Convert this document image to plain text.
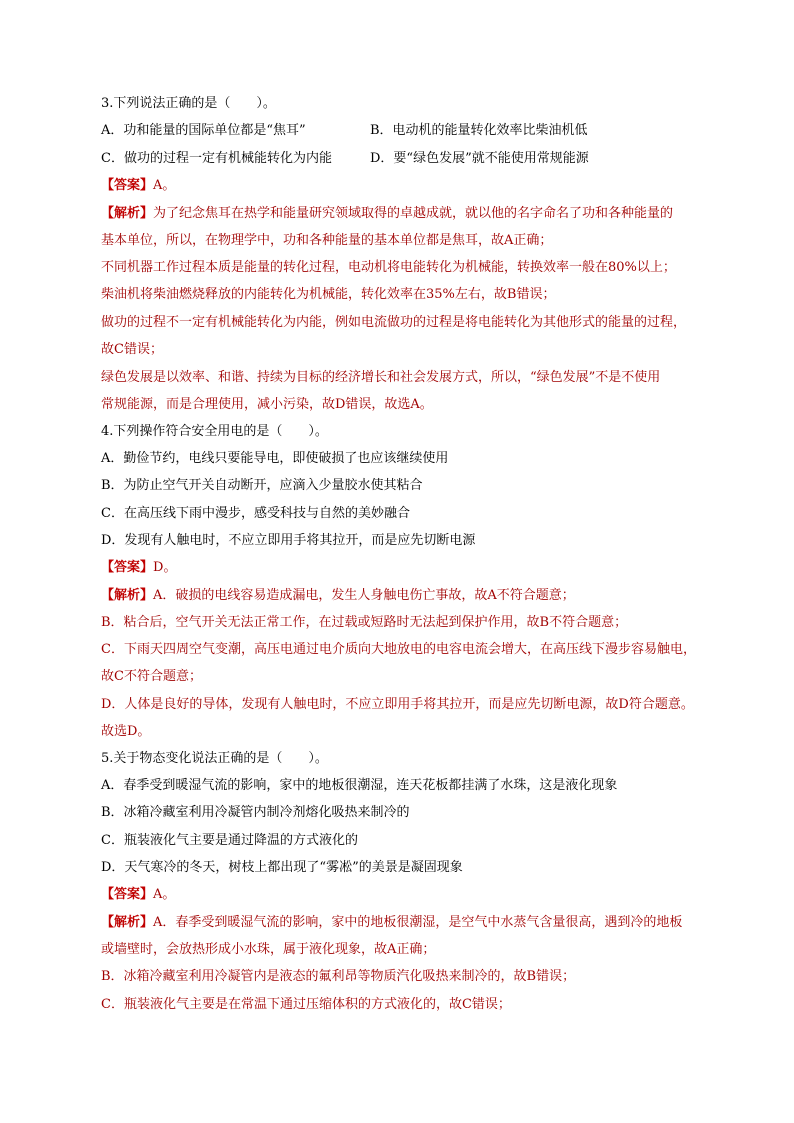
3.下列说法正确的是（　　）。
A．功和能量的国际单位都是“焦耳”	B．电动机的能量转化效率比柴油机低
C．做功的过程一定有机械能转化为内能	D．要“绿色发展”就不能使用常规能源
【答案】A。
【解析】为了纪念焦耳在热学和能量研究领域取得的卓越成就，就以他的名字命名了功和各种能量的
基本单位，所以，在物理学中，功和各种能量的基本单位都是焦耳，故A正确；
不同机器工作过程本质是能量的转化过程，电动机将电能转化为机械能，转换效率一般在80%以上；
柴油机将柴油燃烧释放的内能转化为机械能，转化效率在35%左右，故B错误；
做功的过程不一定有机械能转化为内能，例如电流做功的过程是将电能转化为其他形式的能量的过程，
故C错误；
绿色发展是以效率、和谐、持续为目标的经济增长和社会发展方式，所以，“绿色发展”不是不使用
常规能源，而是合理使用，减小污染，故D错误，故选A。
4.下列操作符合安全用电的是（　　）。
A．勤俭节约，电线只要能导电，即使破损了也应该继续使用
B．为防止空气开关自动断开，应滴入少量胶水使其粘合
C．在高压线下雨中漫步，感受科技与自然的美妙融合
D．发现有人触电时，不应立即用手将其拉开，而是应先切断电源
【答案】D。
【解析】A．破损的电线容易造成漏电，发生人身触电伤亡事故，故A不符合题意；
B．粘合后，空气开关无法正常工作，在过载或短路时无法起到保护作用，故B不符合题意；
C．下雨天四周空气变潮，高压电通过电介质向大地放电的电容电流会增大，在高压线下漫步容易触电，
故C不符合题意；
D．人体是良好的导体，发现有人触电时，不应立即用手将其拉开，而是应先切断电源，故D符合题意。
故选D。
5.关于物态变化说法正确的是（　　）。
A．春季受到暖湿气流的影响，家中的地板很潮湿，连天花板都挂满了水珠，这是液化现象
B．冰箱冷藏室利用冷凝管内制冷剂熔化吸热来制冷的
C．瓶装液化气主要是通过降温的方式液化的
D．天气寒冷的冬天，树枝上都出现了“雾凇”的美景是凝固现象
【答案】A。
【解析】A．春季受到暖湿气流的影响，家中的地板很潮湿，是空气中水蒸气含量很高，遇到冷的地板
或墙壁时，会放热形成小水珠，属于液化现象，故A正确；
B．冰箱冷藏室利用冷凝管内是液态的氟利昂等物质汽化吸热来制冷的，故B错误；
C．瓶装液化气主要是在常温下通过压缩体积的方式液化的，故C错误；
